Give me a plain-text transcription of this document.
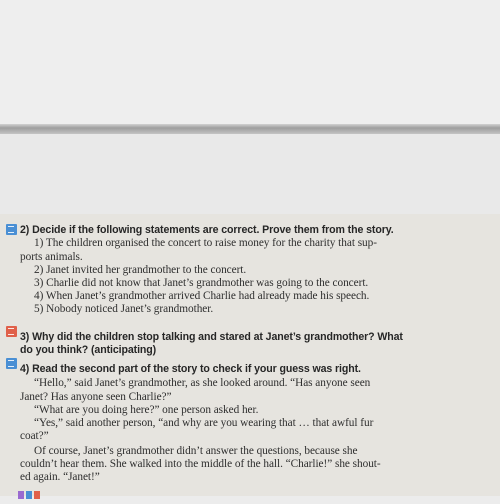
2) Decide if the following statements are correct. Prove them from the story.
1) The children organised the concert to raise money for the charity that sup-
ports animals.
2) Janet invited her grandmother to the concert.
3) Charlie did not know that Janet’s grandmother was going to the concert.
4) When Janet’s grandmother arrived Charlie had already made his speech.
5) Nobody noticed Janet’s grandmother.
3) Why did the children stop talking and stared at Janet’s grandmother? What
do you think? (anticipating)
4) Read the second part of the story to check if your guess was right.
“Hello,” said Janet’s grandmother, as she looked around. “Has anyone seen
Janet? Has anyone seen Charlie?”
“What are you doing here?” one person asked her.
“Yes,” said another person, “and why are you wearing that … that awful fur
coat?”
Of course, Janet’s grandmother didn’t answer the questions, because she
couldn’t hear them. She walked into the middle of the hall. “Charlie!” she shout-
ed again. “Janet!”
